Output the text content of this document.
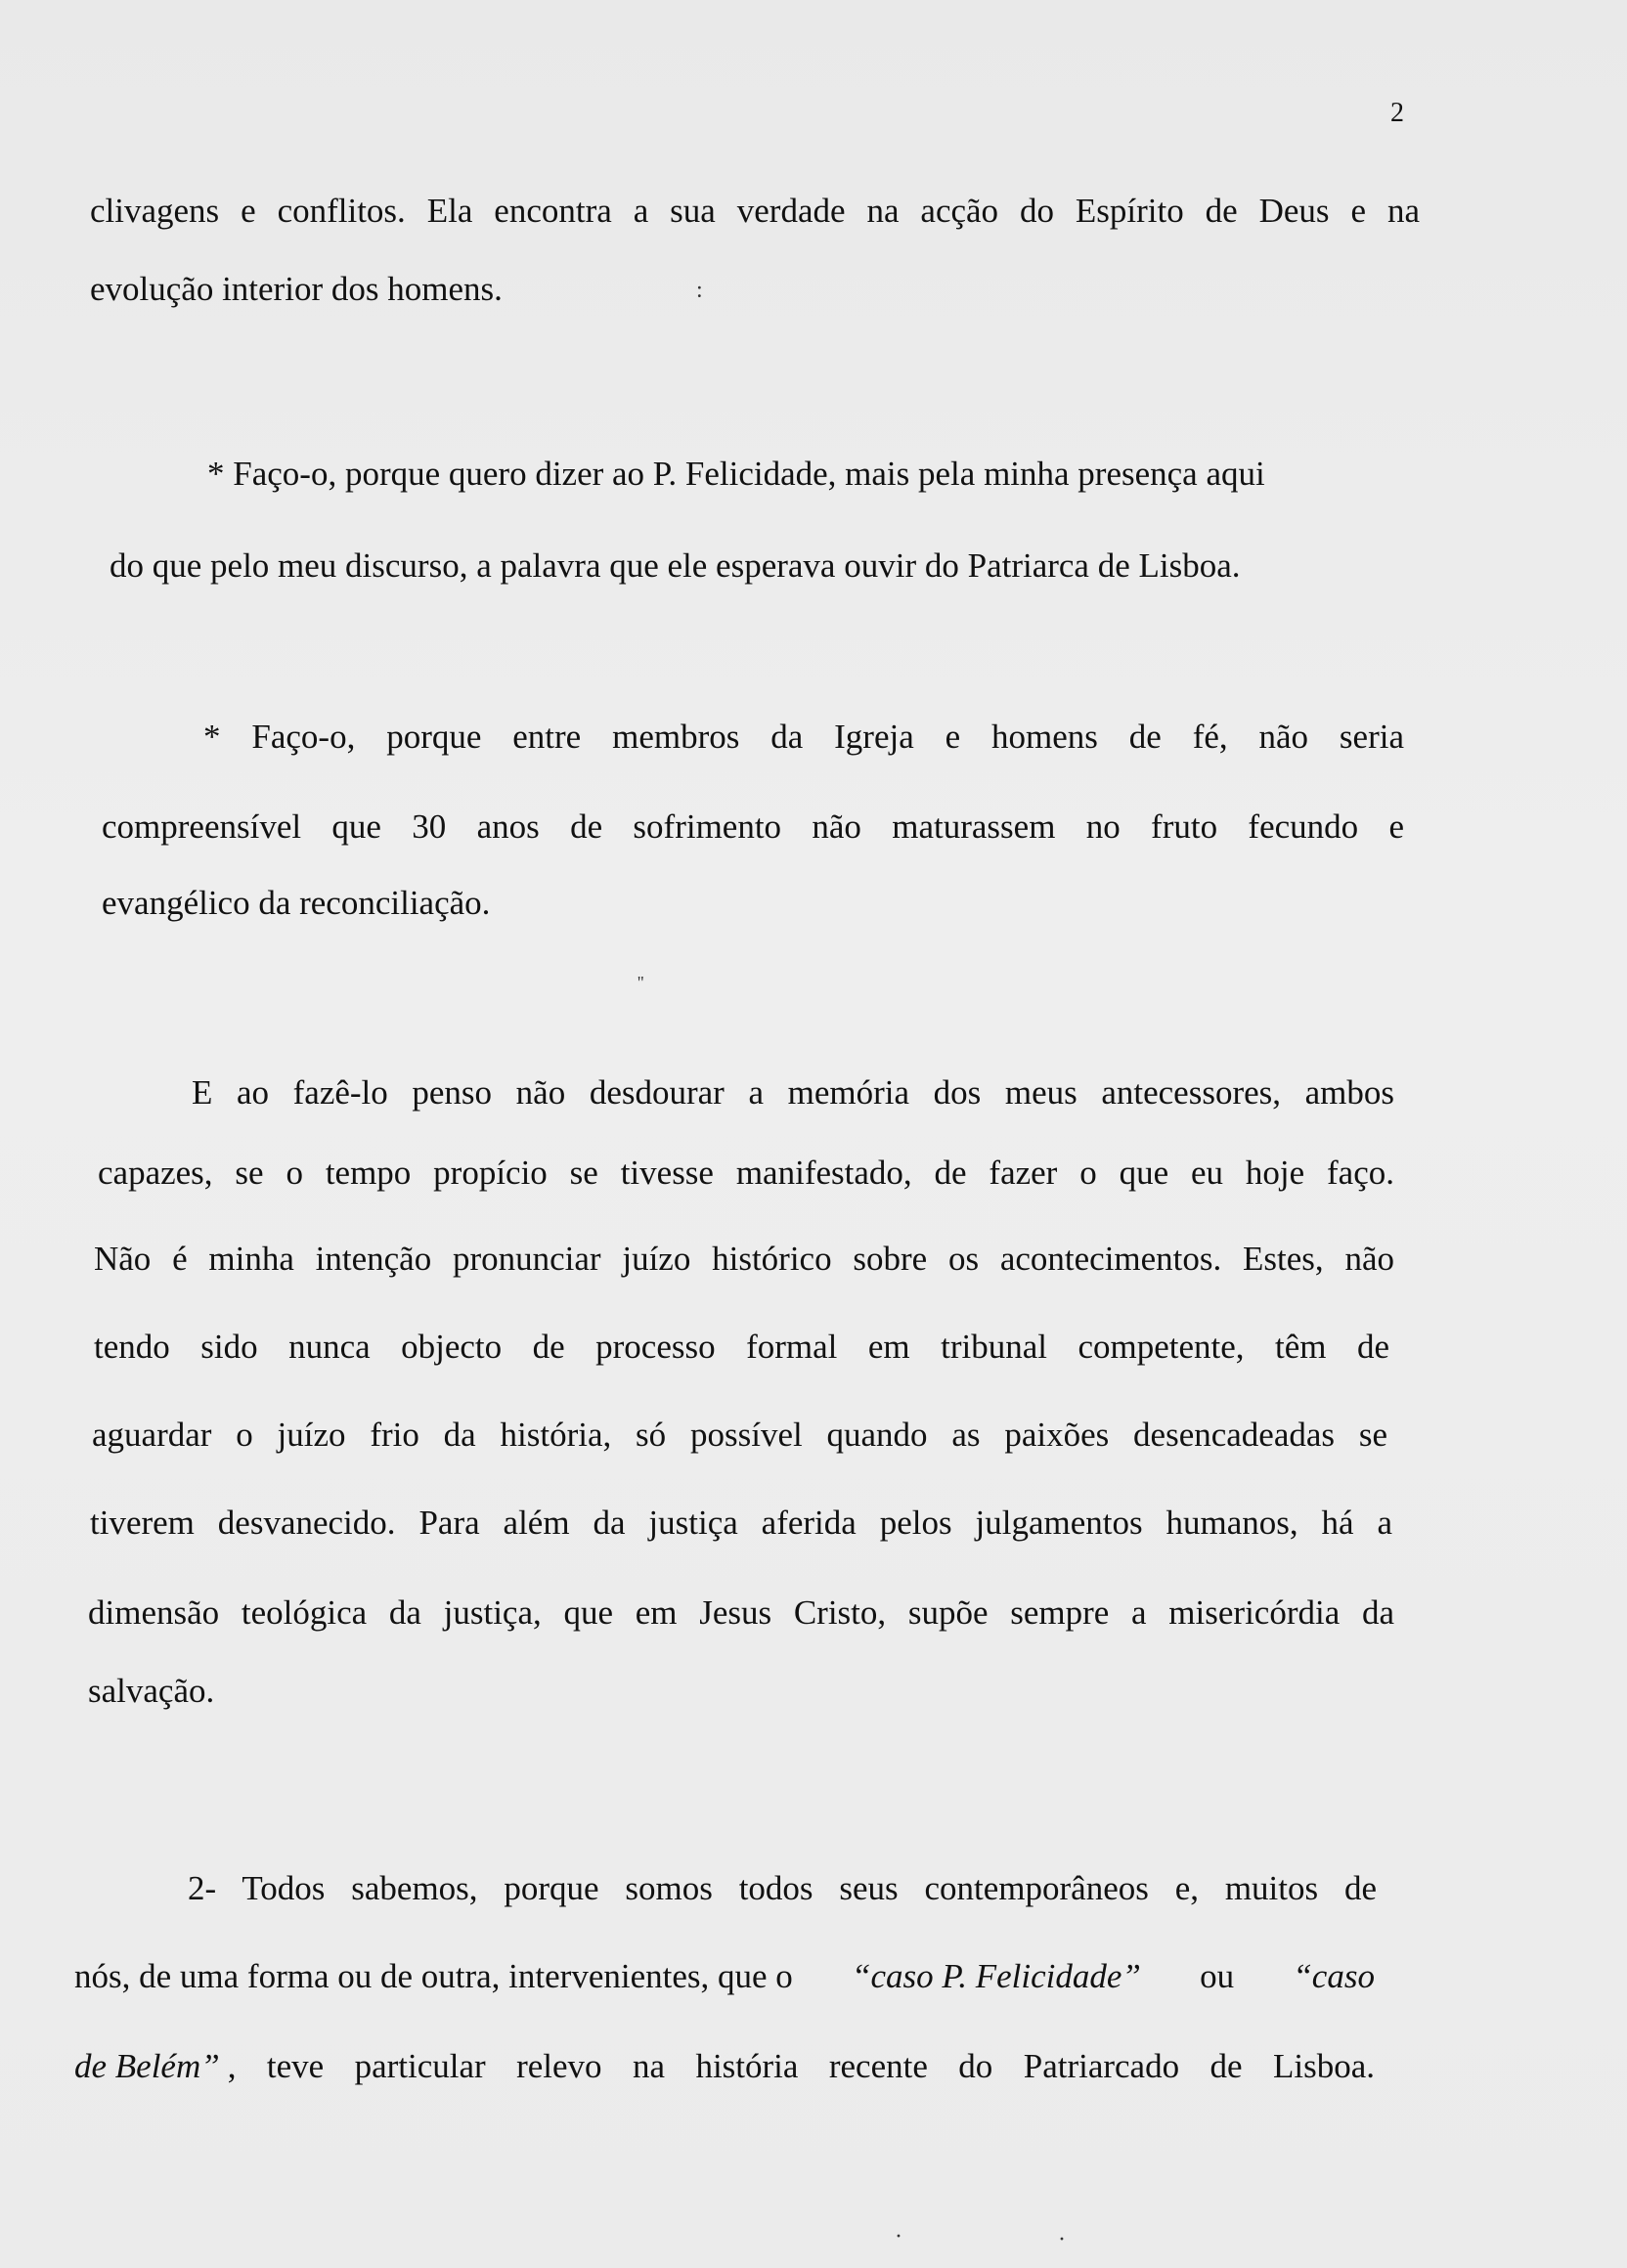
2
clivagens e conflitos. Ela encontra a sua verdade na acção do Espírito de Deus e na
evolução interior dos homens.
* Faço-o, porque quero dizer ao P. Felicidade, mais pela minha presença aqui
do que pelo meu discurso, a palavra que ele esperava ouvir do Patriarca de Lisboa.
* Faço-o, porque entre membros da Igreja e homens de fé, não seria
compreensível que 30 anos de sofrimento não maturassem no fruto fecundo e
evangélico da reconciliação.
E ao fazê-lo penso não desdourar a memória dos meus antecessores, ambos
capazes, se o tempo propício se tivesse manifestado, de fazer o que eu hoje faço.
Não é minha intenção pronunciar juízo histórico sobre os acontecimentos. Estes, não
tendo sido nunca objecto de processo formal em tribunal competente, têm de
aguardar o juízo frio da história, só possível quando as paixões desencadeadas se
tiverem desvanecido. Para além da justiça aferida pelos julgamentos humanos, há a
dimensão teológica da justiça, que em Jesus Cristo, supõe sempre a misericórdia da
salvação.
2- Todos sabemos, porque somos todos seus contemporâneos e, muitos de
nós, de uma forma ou de outra, intervenientes, que o “caso P. Felicidade” ou “caso
de Belém” , teve particular relevo na história recente do Patriarcado de Lisboa.
:
''
·	·
